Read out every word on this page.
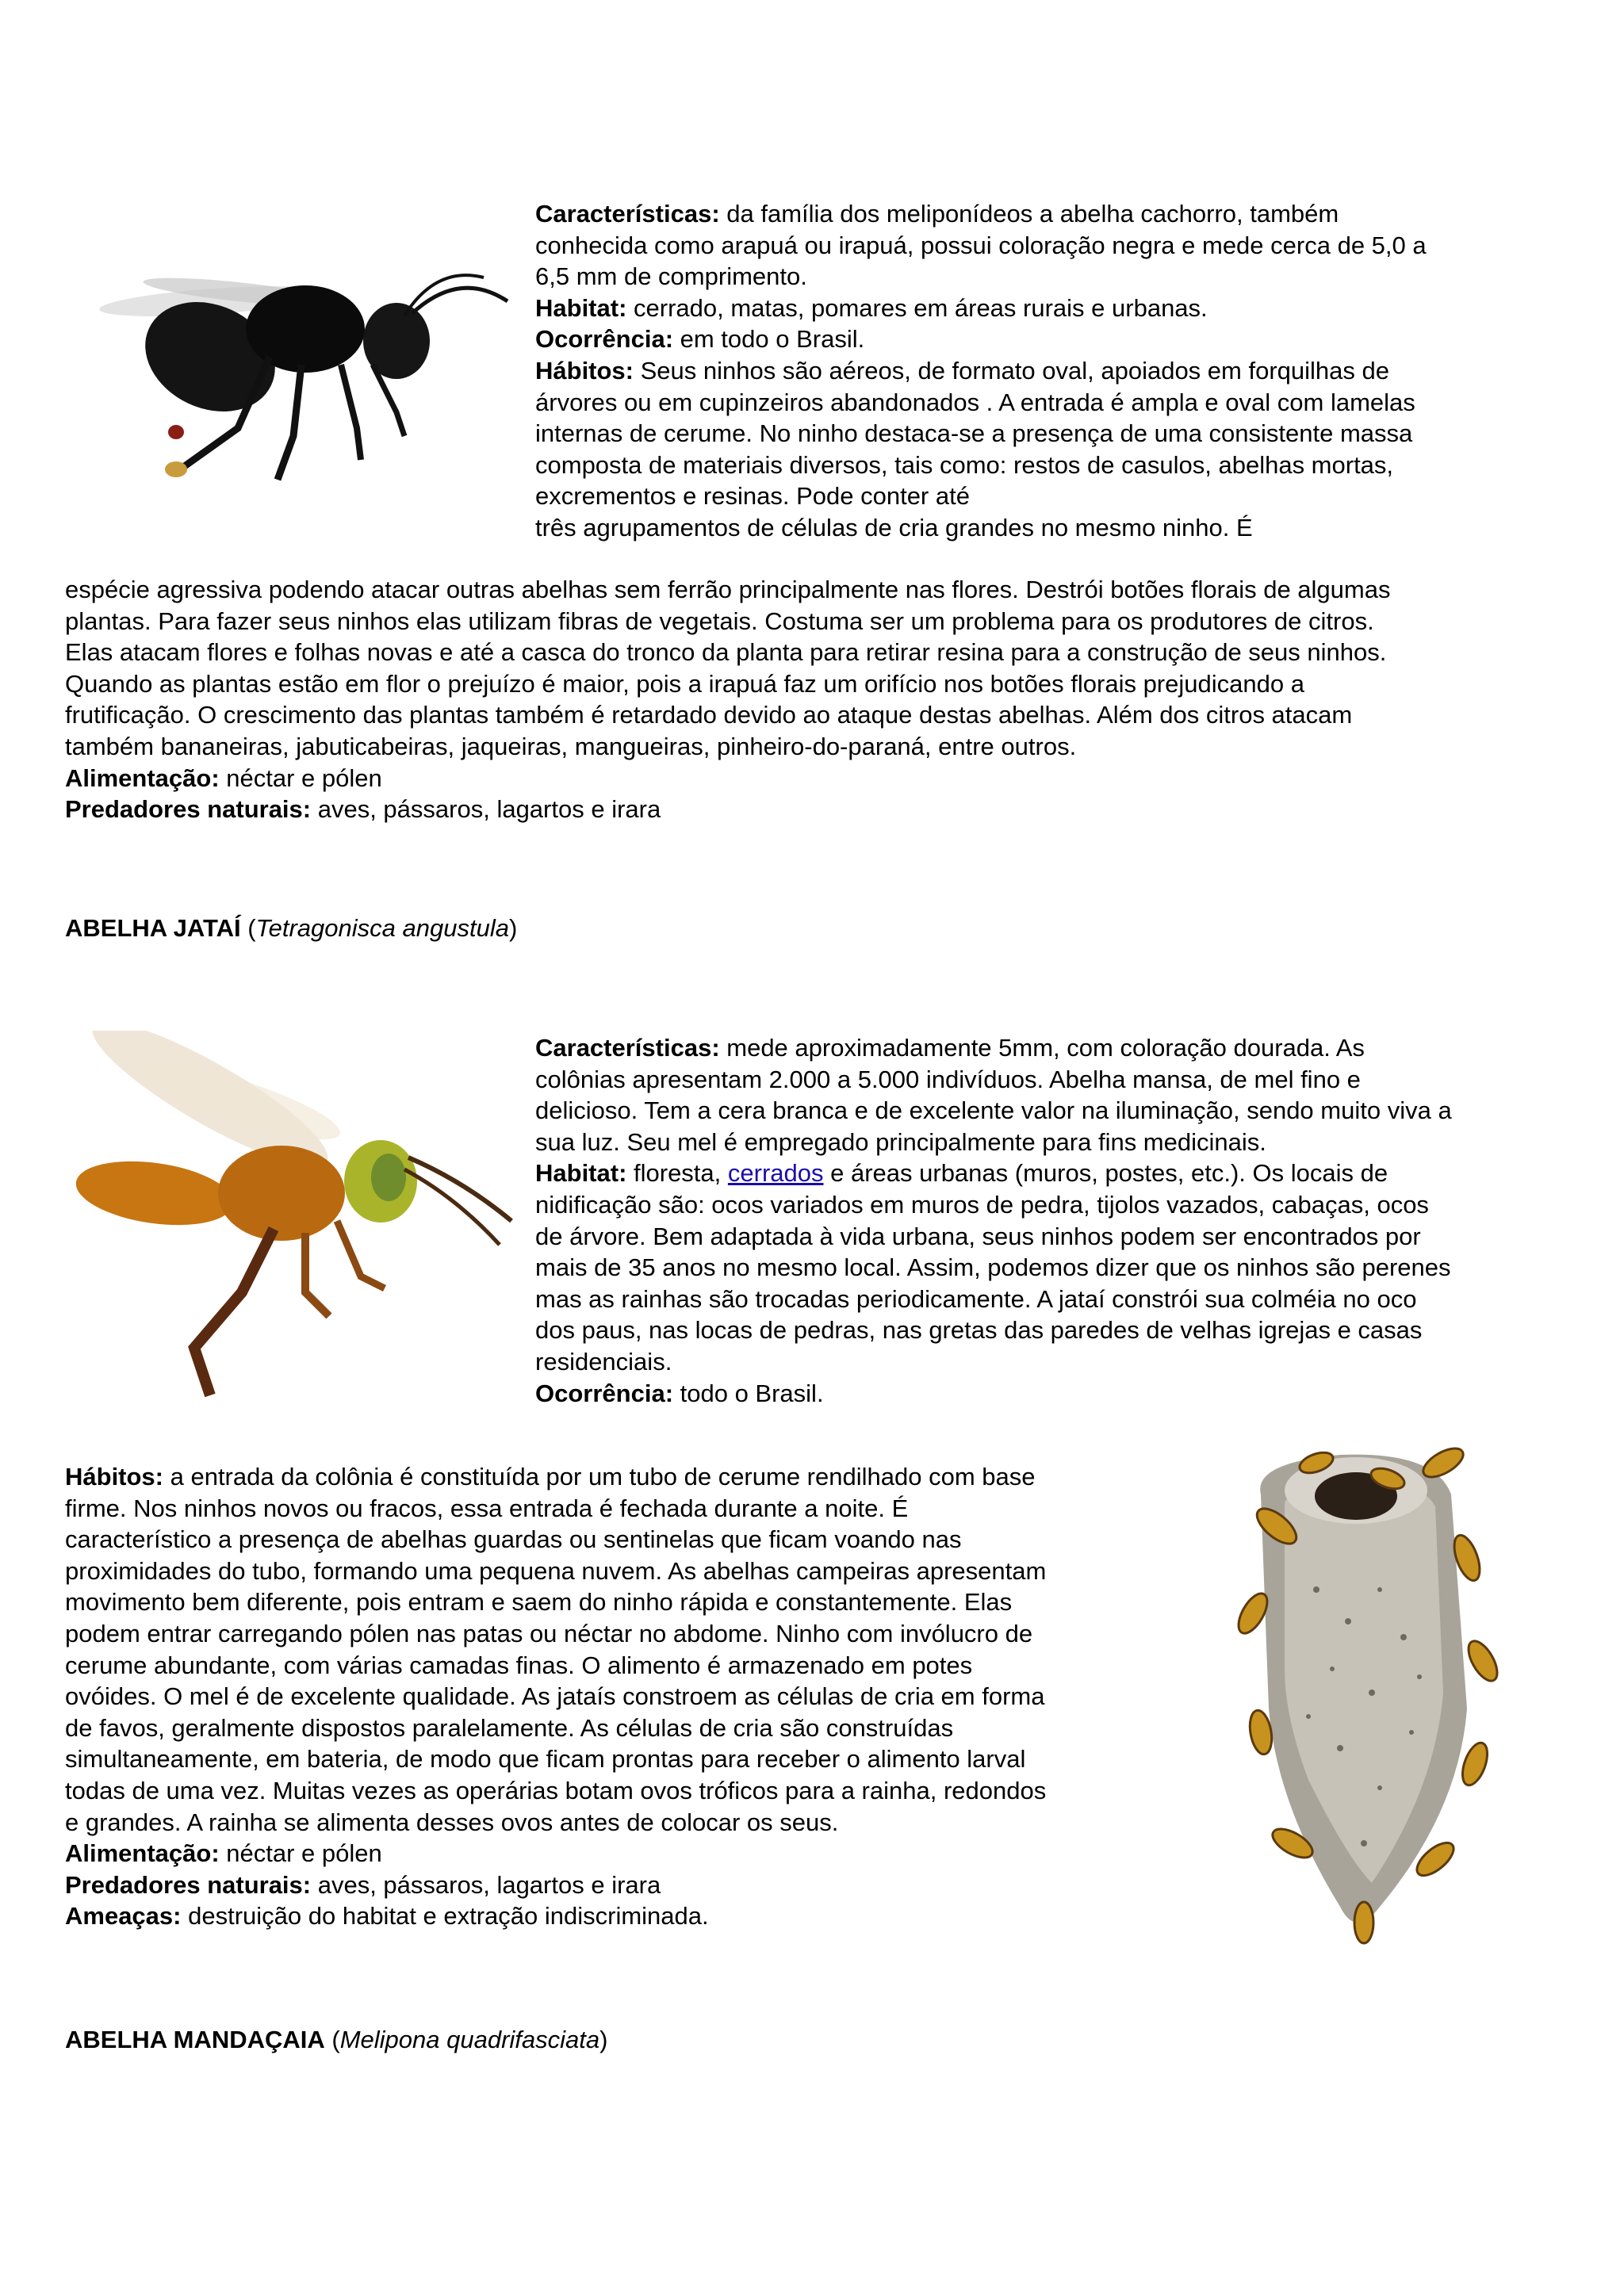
Características: da família dos meliponídeos a abelha cachorro, também

conhecida como arapuá ou irapuá, possui coloração negra e mede cerca de 5,0 a

6,5 mm de comprimento.

Habitat: cerrado, matas, pomares em áreas rurais e urbanas.

Ocorrência: em todo o Brasil.

Hábitos: Seus ninhos são aéreos, de formato oval, apoiados em forquilhas de

árvores ou em cupinzeiros abandonados . A entrada é ampla e oval com lamelas

internas de cerume. No ninho destaca-se a presença de uma consistente massa

composta de materiais diversos, tais como: restos de casulos, abelhas mortas,

excrementos e resinas. Pode conter até

três agrupamentos de células de cria grandes no mesmo ninho. É

espécie agressiva podendo atacar outras abelhas sem ferrão principalmente nas flores. Destrói botões florais de algumas

plantas. Para fazer seus ninhos elas utilizam fibras de vegetais. Costuma ser um problema para os produtores de citros.

Elas atacam flores e folhas novas e até a casca do tronco da planta para retirar resina para a construção de seus ninhos.

Quando as plantas estão em flor o prejuízo é maior, pois a irapuá faz um orifício nos botões florais prejudicando a

frutificação. O crescimento das plantas também é retardado devido ao ataque destas abelhas. Além dos citros atacam

também bananeiras, jabuticabeiras, jaqueiras, mangueiras, pinheiro-do-paraná, entre outros.

Alimentação: néctar e pólen

Predadores naturais: aves, pássaros, lagartos e irara

ABELHA JATAÍ (Tetragonisca angustula)

Características: mede aproximadamente 5mm, com coloração dourada. As

colônias apresentam 2.000 a 5.000 indivíduos. Abelha mansa, de mel fino e

delicioso. Tem a cera branca e de excelente valor na iluminação, sendo muito viva a

sua luz. Seu mel é empregado principalmente para fins medicinais.

Habitat: floresta, cerrados e áreas urbanas (muros, postes, etc.). Os locais de

nidificação são: ocos variados em muros de pedra, tijolos vazados, cabaças, ocos

de árvore. Bem adaptada à vida urbana, seus ninhos podem ser encontrados por

mais de 35 anos no mesmo local. Assim, podemos dizer que os ninhos são perenes

mas as rainhas são trocadas periodicamente. A jataí constrói sua colméia no oco

dos paus, nas locas de pedras, nas gretas das paredes de velhas igrejas e casas

residenciais.

Ocorrência: todo o Brasil.

Hábitos: a entrada da colônia é constituída por um tubo de cerume rendilhado com base

firme. Nos ninhos novos ou fracos, essa entrada é fechada durante a noite. É

característico a presença de abelhas guardas ou sentinelas que ficam voando nas

proximidades do tubo, formando uma pequena nuvem. As abelhas campeiras apresentam

movimento bem diferente, pois entram e saem do ninho rápida e constantemente. Elas

podem entrar carregando pólen nas patas ou néctar no abdome. Ninho com invólucro de

cerume abundante, com várias camadas finas. O alimento é armazenado em potes

ovóides. O mel é de excelente qualidade. As jataís constroem as células de cria em forma

de favos, geralmente dispostos paralelamente. As células de cria são construídas

simultaneamente, em bateria, de modo que ficam prontas para receber o alimento larval

todas de uma vez. Muitas vezes as operárias botam ovos tróficos para a rainha, redondos

e grandes. A rainha se alimenta desses ovos antes de colocar os seus.

Alimentação: néctar e pólen

Predadores naturais: aves, pássaros, lagartos e irara

Ameaças: destruição do habitat e extração indiscriminada.

ABELHA MANDAÇAIA (Melipona quadrifasciata)
